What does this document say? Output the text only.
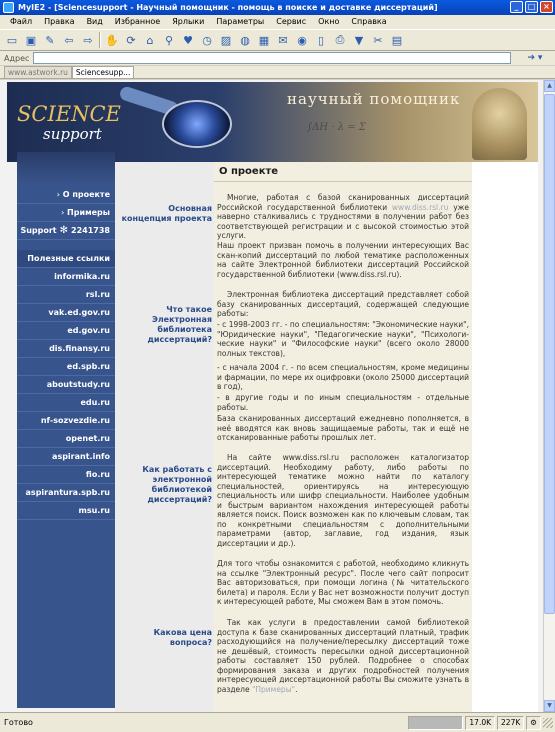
MyIE2 - [Sciencesupport - Научный помощник - помощь в поиске и доставке диссертаций]	_	□ ×
Файл	Правка	Вид	Избранное	Ярлыки	Параметры	Сервис	Окно	Справка
▭ ▣ ✎ ⇦ ⇨	✋ ⟳ ⌂	⚲ ♥ ◷ ▨ ◍ ▦ ✉ ◉	▯	⎙ ▼ ✂ ▤
Адрес	➔ ▾
www.astwork.ru	Sciencesupp...
SCIENCE
support
научный помощник
∫ΔH · λ = Σ
› О проекте
› Примеры
Support ✻ 2241738
Полезные ссылки
informika.ru
rsl.ru
vak.ed.gov.ru
ed.gov.ru
dis.finansy.ru
ed.spb.ru
aboutstudy.ru
edu.ru
nf-sozvezdie.ru
openet.ru
aspirant.info
fio.ru
aspirantura.spb.ru
msu.ru
О проекте
Основная концепция проекта
Многие, работая с базой сканированных диссертаций Российской государственной библиотеки www.diss.rsl.ru уже наверно сталкивались с трудностями в получении работ без соответствующей регистрации и с высокой стоимостью этой услуги.
Наш проект призван помочь в получении интересующих Вас скан-копий диссертаций по любой тематике расположенных на сайте Электронной библиотеки диссертаций Российской государственной библиотеки (www.diss.rsl.ru).
Что такое Электронная библиотека диссертаций?
Электронная библиотека диссертаций представляет собой базу сканированных диссертаций, содержащей следующие работы:
- с 1998-2003 гг. - по специальностям: "Экономические науки", "Юридические науки", "Педагогические науки", "Психологи-ческие науки" и "Философские науки" (всего около 28000 полных текстов),
- с начала 2004 г. - по всем специальностям, кроме медицины и фармации, по мере их оцифровки (около 25000 диссертаций в год),
- в другие годы и по иным специальностям - отдельные работы.
База сканированных диссертаций ежедневно пополняется, в неё вводятся как вновь защищаемые работы, так и ещё не отсканированные работы прошлых лет.
Как работать с электронной библиотекой диссертаций?
На сайте www.diss.rsl.ru расположен каталогизатор диссертаций. Необходиму работу, либо работы по интересующей тематике можно найти по каталогу специальностей, ориентируясь на интересующую специальность или шифр специальности. Наиболее удобным и быстрым вариантом нахождения интересующей работы является поиск. Поиск возможен как по ключевым словам, так по конкретными специальностям с дополнительными параметрами (автор, заглавие, год издания, язык диссертации и др.).
Для того чтобы ознакомится с работой, необходимо кликнуть на ссылке "Электронный ресурс". После чего сайт попросит Вас авторизоваться, при помощи логина (№ читательского билета) и пароля. Если у Вас нет возможности получит доступ к интересующей работе, Мы сможем Вам в этом помочь.
Какова цена вопроса?
Так как услуги в предоставлении самой библиотекой доступа к базе сканированных диссертаций платный, трафик расходующийся на получение/пересылку диссертаций тоже не дешёвый, стоимость пересылки одной диссертационной работы составляет 150 рублей. Подробнее о способах формирования заказа и других подробностей получения интересующей диссертационной работы Вы сможите узнать в разделе "Примеры".
▲
▼
Готово	17.0K	227K	⚙
